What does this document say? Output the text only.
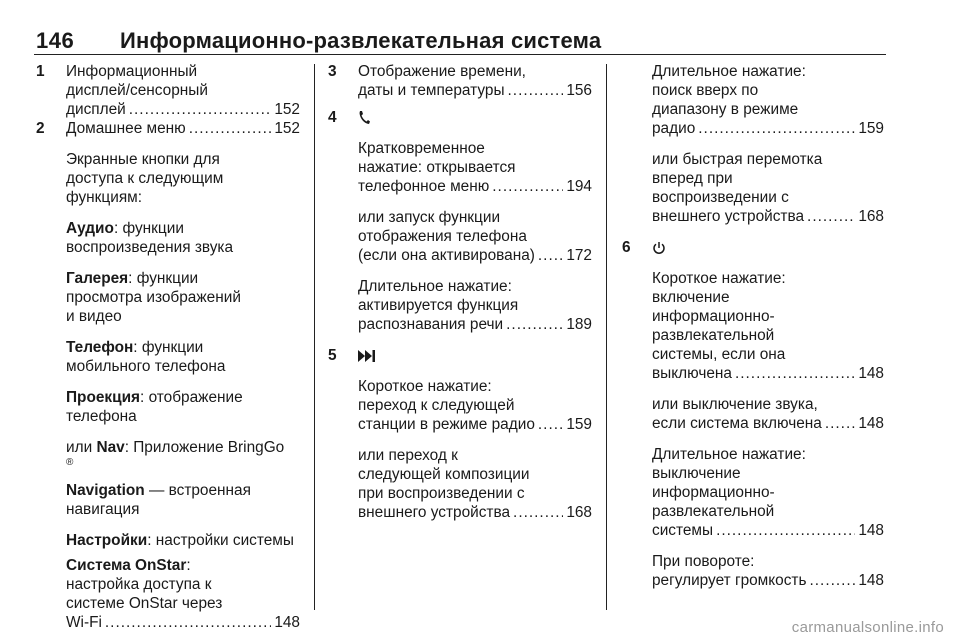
146 Информационно-развлекательная система
1 Информационный
дисплей/сенсорный
дисплей .....	152
2 Домашнее меню .....	152
Экранные кнопки для
доступа к следующим
функциям:
Аудио: функции
воспроизведения звука
Галерея: функции
просмотра изображений
и видео
Телефон: функции
мобильного телефона
Проекция: отображение
телефона
или Nav: Приложение BringGo
®
Navigation — встроенная
навигация
Настройки: настройки системы
Система OnStar:
настройка доступа к
системе OnStar через
Wi-Fi .....	148
3 Отображение времени,
даты и температуры .....	156
4
Кратковременное
нажатие: открывается
телефонное меню .....	194
или запуск функции
отображения телефона
(если она активирована) ..... 172
Длительное нажатие:
активируется функция
распознавания речи .....	189
5
Короткое нажатие:
переход к следующей
станции в режиме радио ..... 159
или переход к
следующей композиции
при воспроизведении с
внешнего устройства .....	168
Длительное нажатие:
поиск вверх по
диапазону в режиме
радио .....	159
или быстрая перемотка
вперед при
воспроизведении с
внешнего устройства .....	168
6
Короткое нажатие:
включение
информационно-
развлекательной
системы, если она
выключена .....	148
или выключение звука,
если система включена ..... 148
Длительное нажатие:
выключение
информационно-
развлекательной
системы .....	148
При повороте:
регулирует громкость .....	148
carmanualsonline.info
